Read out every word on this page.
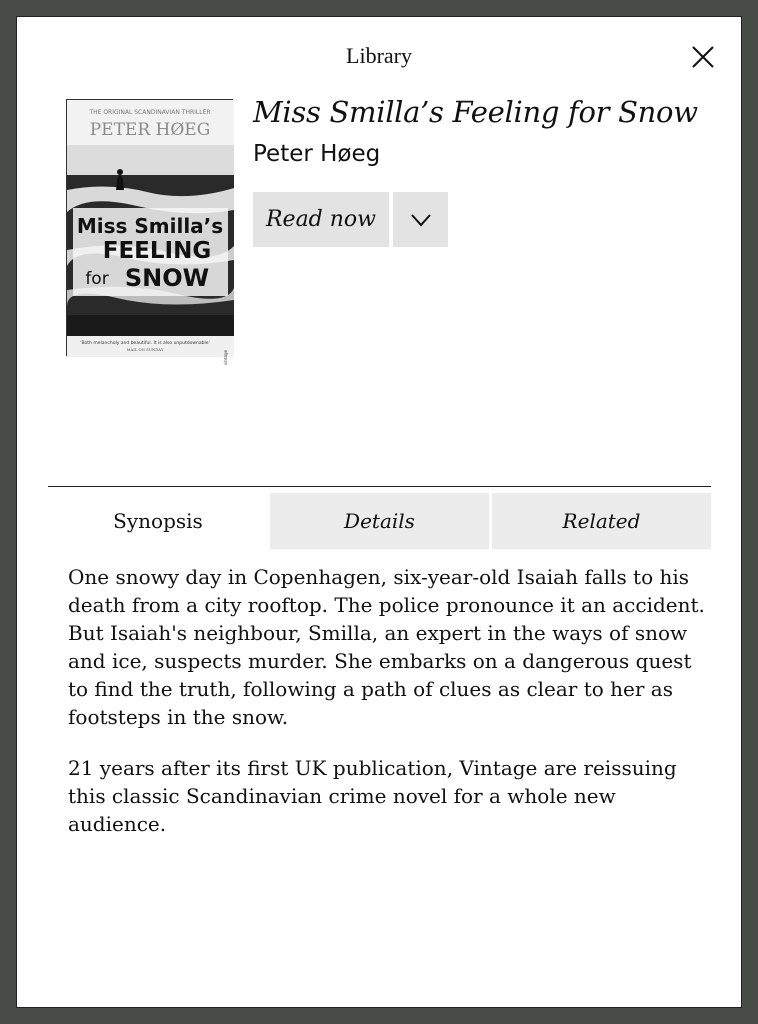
Library
THE ORIGINAL SCANDINAVIAN THRILLER
PETER HØEG
Miss Smilla’s
FEELING
for SNOW
'Both melancholy and beautiful. It is also unputdownable'
MAIL ON SUNDAY
vintage
Miss Smilla’s Feeling for Snow
Peter Høeg
Read now
Synopsis	Details	Related

One snowy day in Copenhagen, six-year-old Isaiah falls to his death from a city rooftop. The police pronounce it an accident. But Isaiah's neighbour, Smilla, an expert in the ways of snow and ice, suspects murder. She embarks on a dangerous quest to find the truth, following a path of clues as clear to her as footsteps in the snow.

21 years after its first UK publication, Vintage are reissuing this classic Scandinavian crime novel for a whole new audience.
